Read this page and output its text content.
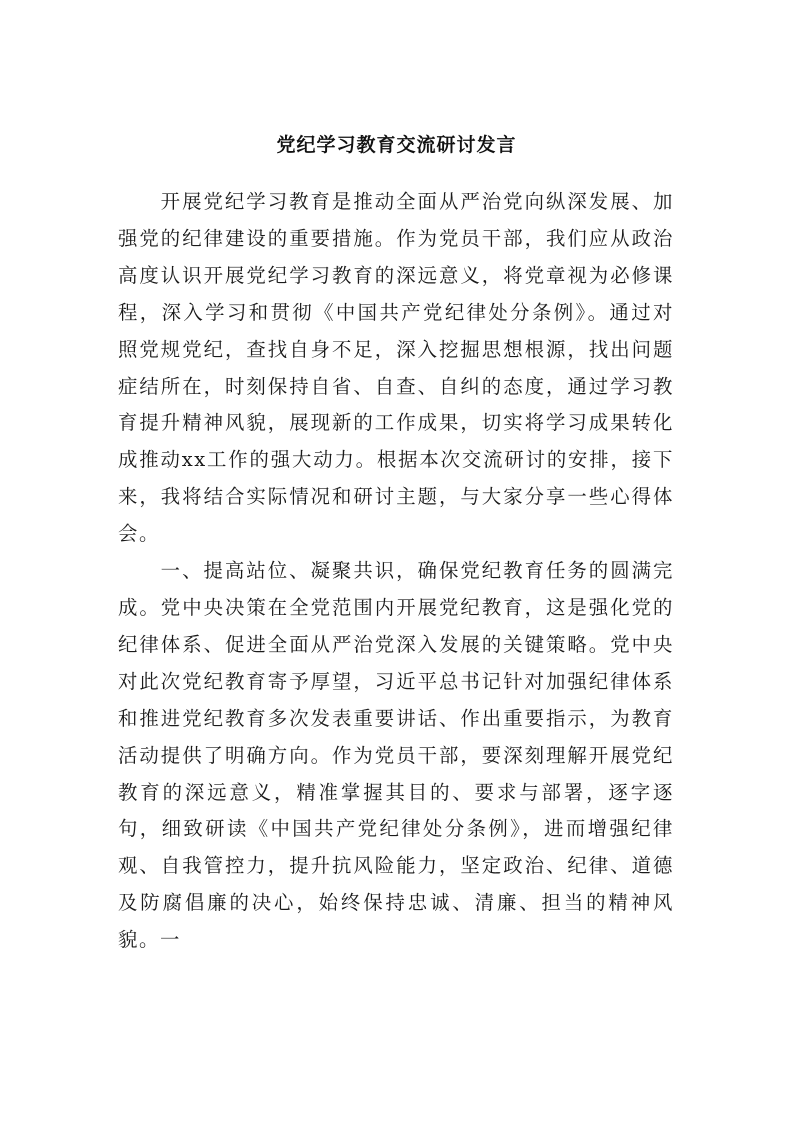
党纪学习教育交流研讨发言

开展党纪学习教育是推动全面从严治党向纵深发展、加强党的纪律建设的重要措施。作为党员干部，我们应从政治高度认识开展党纪学习教育的深远意义，将党章视为必修课程，深入学习和贯彻《中国共产党纪律处分条例》。通过对照党规党纪，查找自身不足，深入挖掘思想根源，找出问题症结所在，时刻保持自省、自查、自纠的态度，通过学习教育提升精神风貌，展现新的工作成果，切实将学习成果转化成推动xx工作的强大动力。根据本次交流研讨的安排，接下来，我将结合实际情况和研讨主题，与大家分享一些心得体会。

一、提高站位、凝聚共识，确保党纪教育任务的圆满完成。党中央决策在全党范围内开展党纪教育，这是强化党的纪律体系、促进全面从严治党深入发展的关键策略。党中央对此次党纪教育寄予厚望，习近平总书记针对加强纪律体系和推进党纪教育多次发表重要讲话、作出重要指示，为教育活动提供了明确方向。作为党员干部，要深刻理解开展党纪教育的深远意义，精准掌握其目的、要求与部署，逐字逐句，细致研读《中国共产党纪律处分条例》，进而增强纪律观、自我管控力，提升抗风险能力，坚定政治、纪律、道德及防腐倡廉的决心，始终保持忠诚、清廉、担当的精神风貌。一
